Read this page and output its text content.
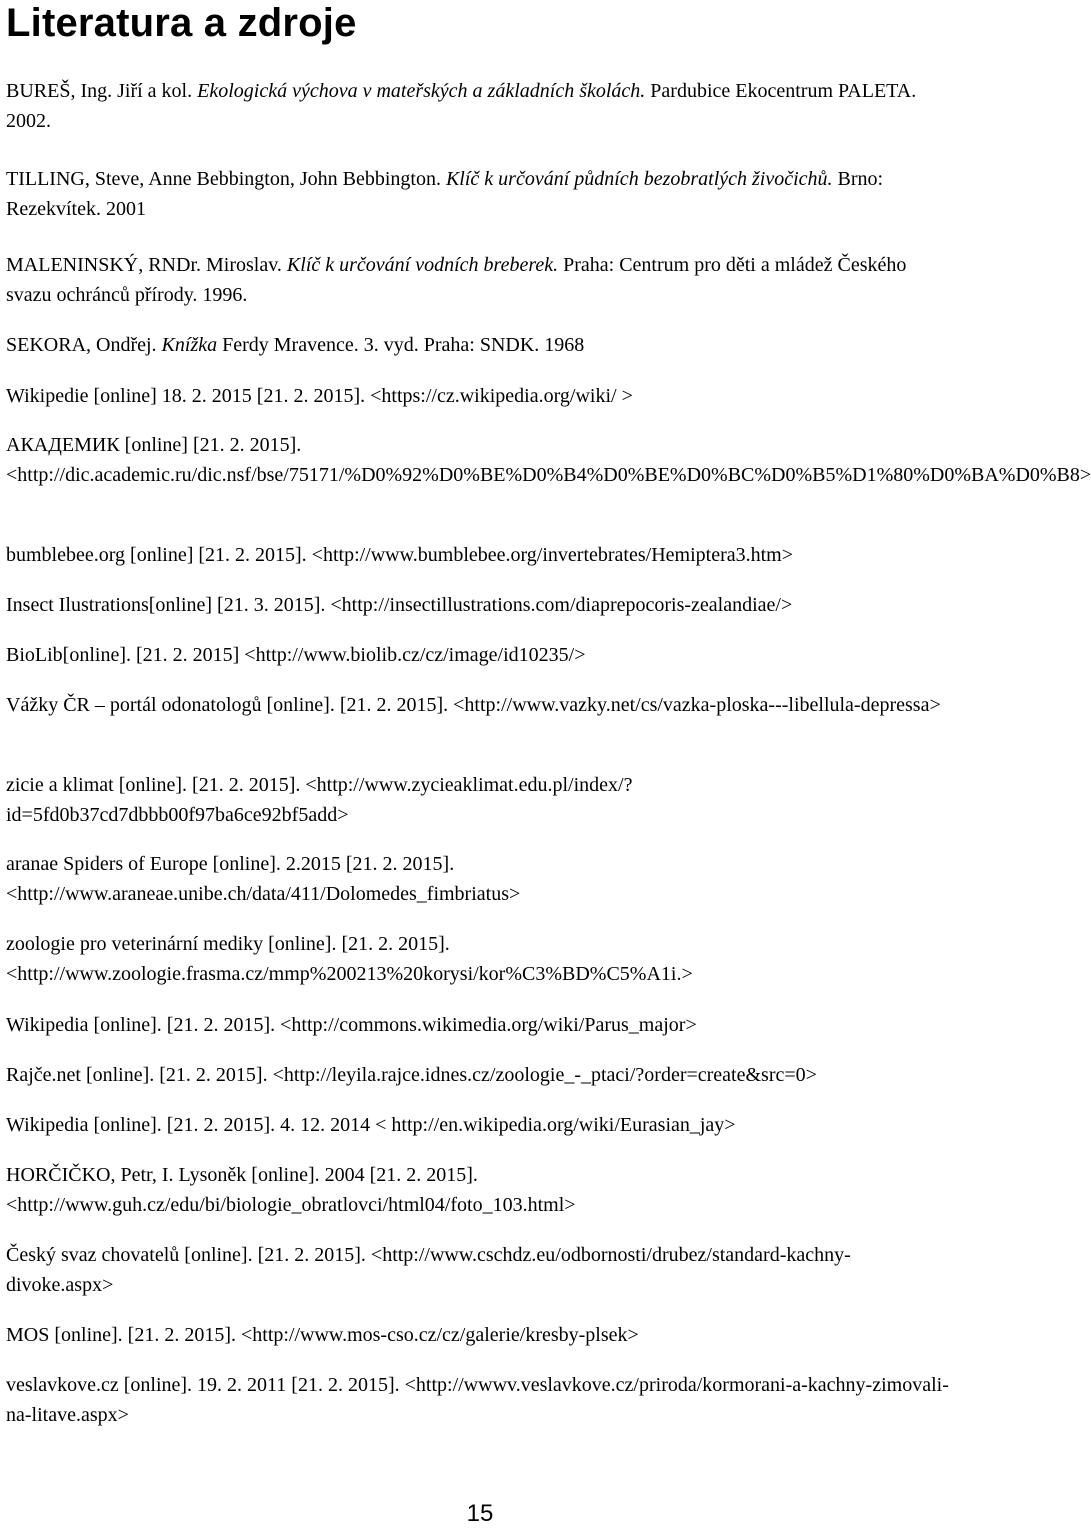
Literatura a zdroje

BUREŠ, Ing. Jiří a kol. Ekologická výchova v mateřských a základních školách. Pardubice Ekocentrum PALETA. 2002.

TILLING, Steve, Anne Bebbington, John Bebbington. Klíč k určování půdních bezobratlých živočichů. Brno: Rezekvítek. 2001

MALENINSKÝ, RNDr. Miroslav. Klíč k určování vodních breberek. Praha: Centrum pro děti a mládež Českého svazu ochránců přírody. 1996.

SEKORA, Ondřej. Knížka Ferdy Mravence. 3. vyd. Praha: SNDK. 1968

Wikipedie [online] 18. 2. 2015 [21. 2. 2015]. <https://cz.wikipedia.org/wiki/ >

АКАДЕМИК [online] [21. 2. 2015]. <http://dic.academic.ru/dic.nsf/bse/75171/%D0%92%D0%BE%D0%B4%D0%BE%D0%BC%D0%B5%D1%80%D0%BA%D0%B8>

bumblebee.org [online] [21. 2. 2015]. <http://www.bumblebee.org/invertebrates/Hemiptera3.htm>

Insect Ilustrations[online] [21. 3. 2015]. <http://insectillustrations.com/diaprepocoris-zealandiae/>

BioLib[online]. [21. 2. 2015] <http://www.biolib.cz/cz/image/id10235/>

Vážky ČR – portál odonatologů [online]. [21. 2. 2015]. <http://www.vazky.net/cs/vazka-ploska---libellula-depressa>

zicie a klimat [online]. [21. 2. 2015]. <http://www.zycieaklimat.edu.pl/index/?id=5fd0b37cd7dbbb00f97ba6ce92bf5add>

aranae Spiders of Europe [online]. 2.2015 [21. 2. 2015]. <http://www.araneae.unibe.ch/data/411/Dolomedes_fimbriatus>

zoologie pro veterinární mediky [online]. [21. 2. 2015]. <http://www.zoologie.frasma.cz/mmp%200213%20korysi/kor%C3%BD%C5%A1i.>

Wikipedia [online]. [21. 2. 2015]. <http://commons.wikimedia.org/wiki/Parus_major>

Rajče.net [online]. [21. 2. 2015]. <http://leyila.rajce.idnes.cz/zoologie_-_ptaci/?order=create&src=0>

Wikipedia [online]. [21. 2. 2015]. 4. 12. 2014 < http://en.wikipedia.org/wiki/Eurasian_jay>

HORČIČKO, Petr, I. Lysoněk [online]. 2004 [21. 2. 2015]. <http://www.guh.cz/edu/bi/biologie_obratlovci/html04/foto_103.html>

Český svaz chovatelů [online]. [21. 2. 2015]. <http://www.cschdz.eu/odbornosti/drubez/standard-kachny-divoke.aspx>

MOS [online]. [21. 2. 2015]. <http://www.mos-cso.cz/cz/galerie/kresby-plsek>

veslavkove.cz [online]. 19. 2. 2011 [21. 2. 2015]. <http://wwwv.veslavkove.cz/priroda/kormorani-a-kachny-zimovali-na-litave.aspx>

15
